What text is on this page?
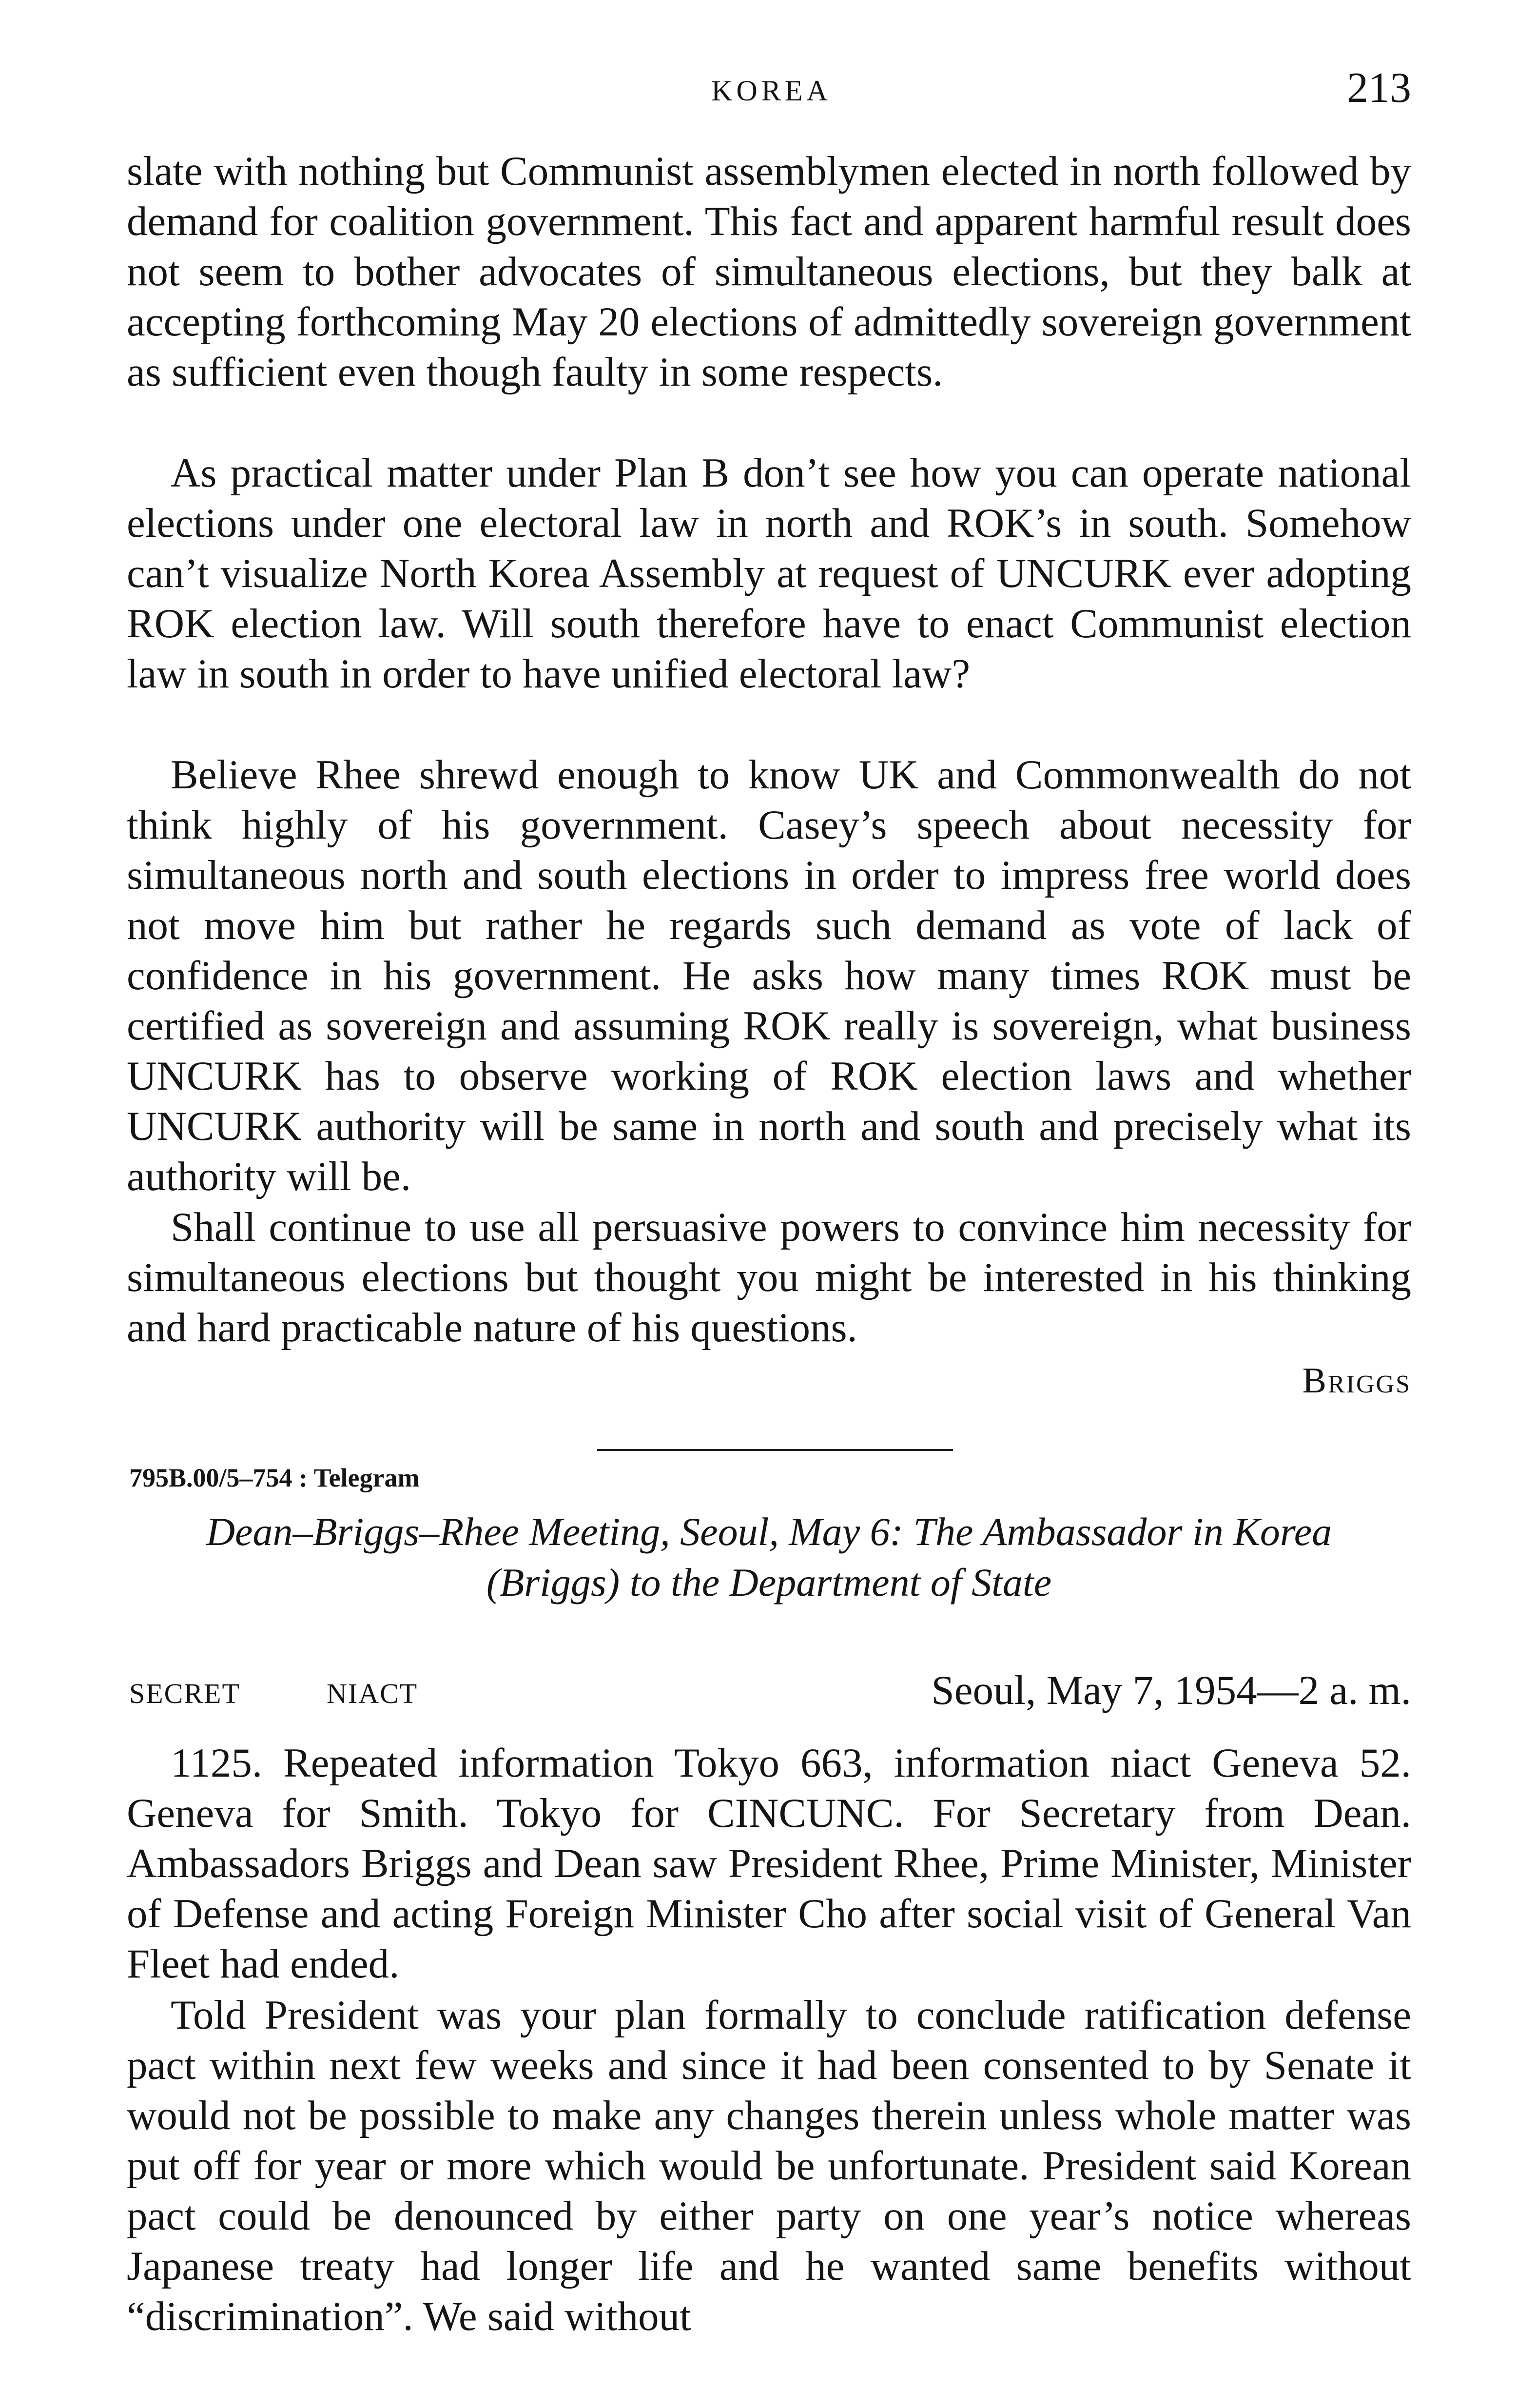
KOREA	213

slate with nothing but Communist assemblymen elected in north followed by demand for coalition government. This fact and apparent harmful result does not seem to bother advocates of simultaneous elections, but they balk at accepting forthcoming May 20 elections of admittedly sovereign government as sufficient even though faulty in some respects.

As practical matter under Plan B don’t see how you can operate national elections under one electoral law in north and ROK’s in south. Somehow can’t visualize North Korea Assembly at request of UNCURK ever adopting ROK election law. Will south therefore have to enact Communist election law in south in order to have unified electoral law?

Believe Rhee shrewd enough to know UK and Commonwealth do not think highly of his government. Casey’s speech about necessity for simultaneous north and south elections in order to impress free world does not move him but rather he regards such demand as vote of lack of confidence in his government. He asks how many times ROK must be certified as sovereign and assuming ROK really is sovereign, what business UNCURK has to observe working of ROK election laws and whether UNCURK authority will be same in north and south and precisely what its authority will be.

Shall continue to use all persuasive powers to convince him necessity for simultaneous elections but thought you might be interested in his thinking and hard practicable nature of his questions.

Briggs
795B.00/5–754 : Telegram
Dean–Briggs–Rhee Meeting, Seoul, May 6: The Ambassador in Korea
(Briggs) to the Department of State
SECRET	NIACT	Seoul, May 7, 1954—2 a. m.

1125. Repeated information Tokyo 663, information niact Geneva 52. Geneva for Smith. Tokyo for CINCUNC. For Secretary from Dean. Ambassadors Briggs and Dean saw President Rhee, Prime Minister, Minister of Defense and acting Foreign Minister Cho after social visit of General Van Fleet had ended.

Told President was your plan formally to conclude ratification defense pact within next few weeks and since it had been consented to by Senate it would not be possible to make any changes therein unless whole matter was put off for year or more which would be unfortunate. President said Korean pact could be denounced by either party on one year’s notice whereas Japanese treaty had longer life and he wanted same benefits without “discrimination”. We said without
